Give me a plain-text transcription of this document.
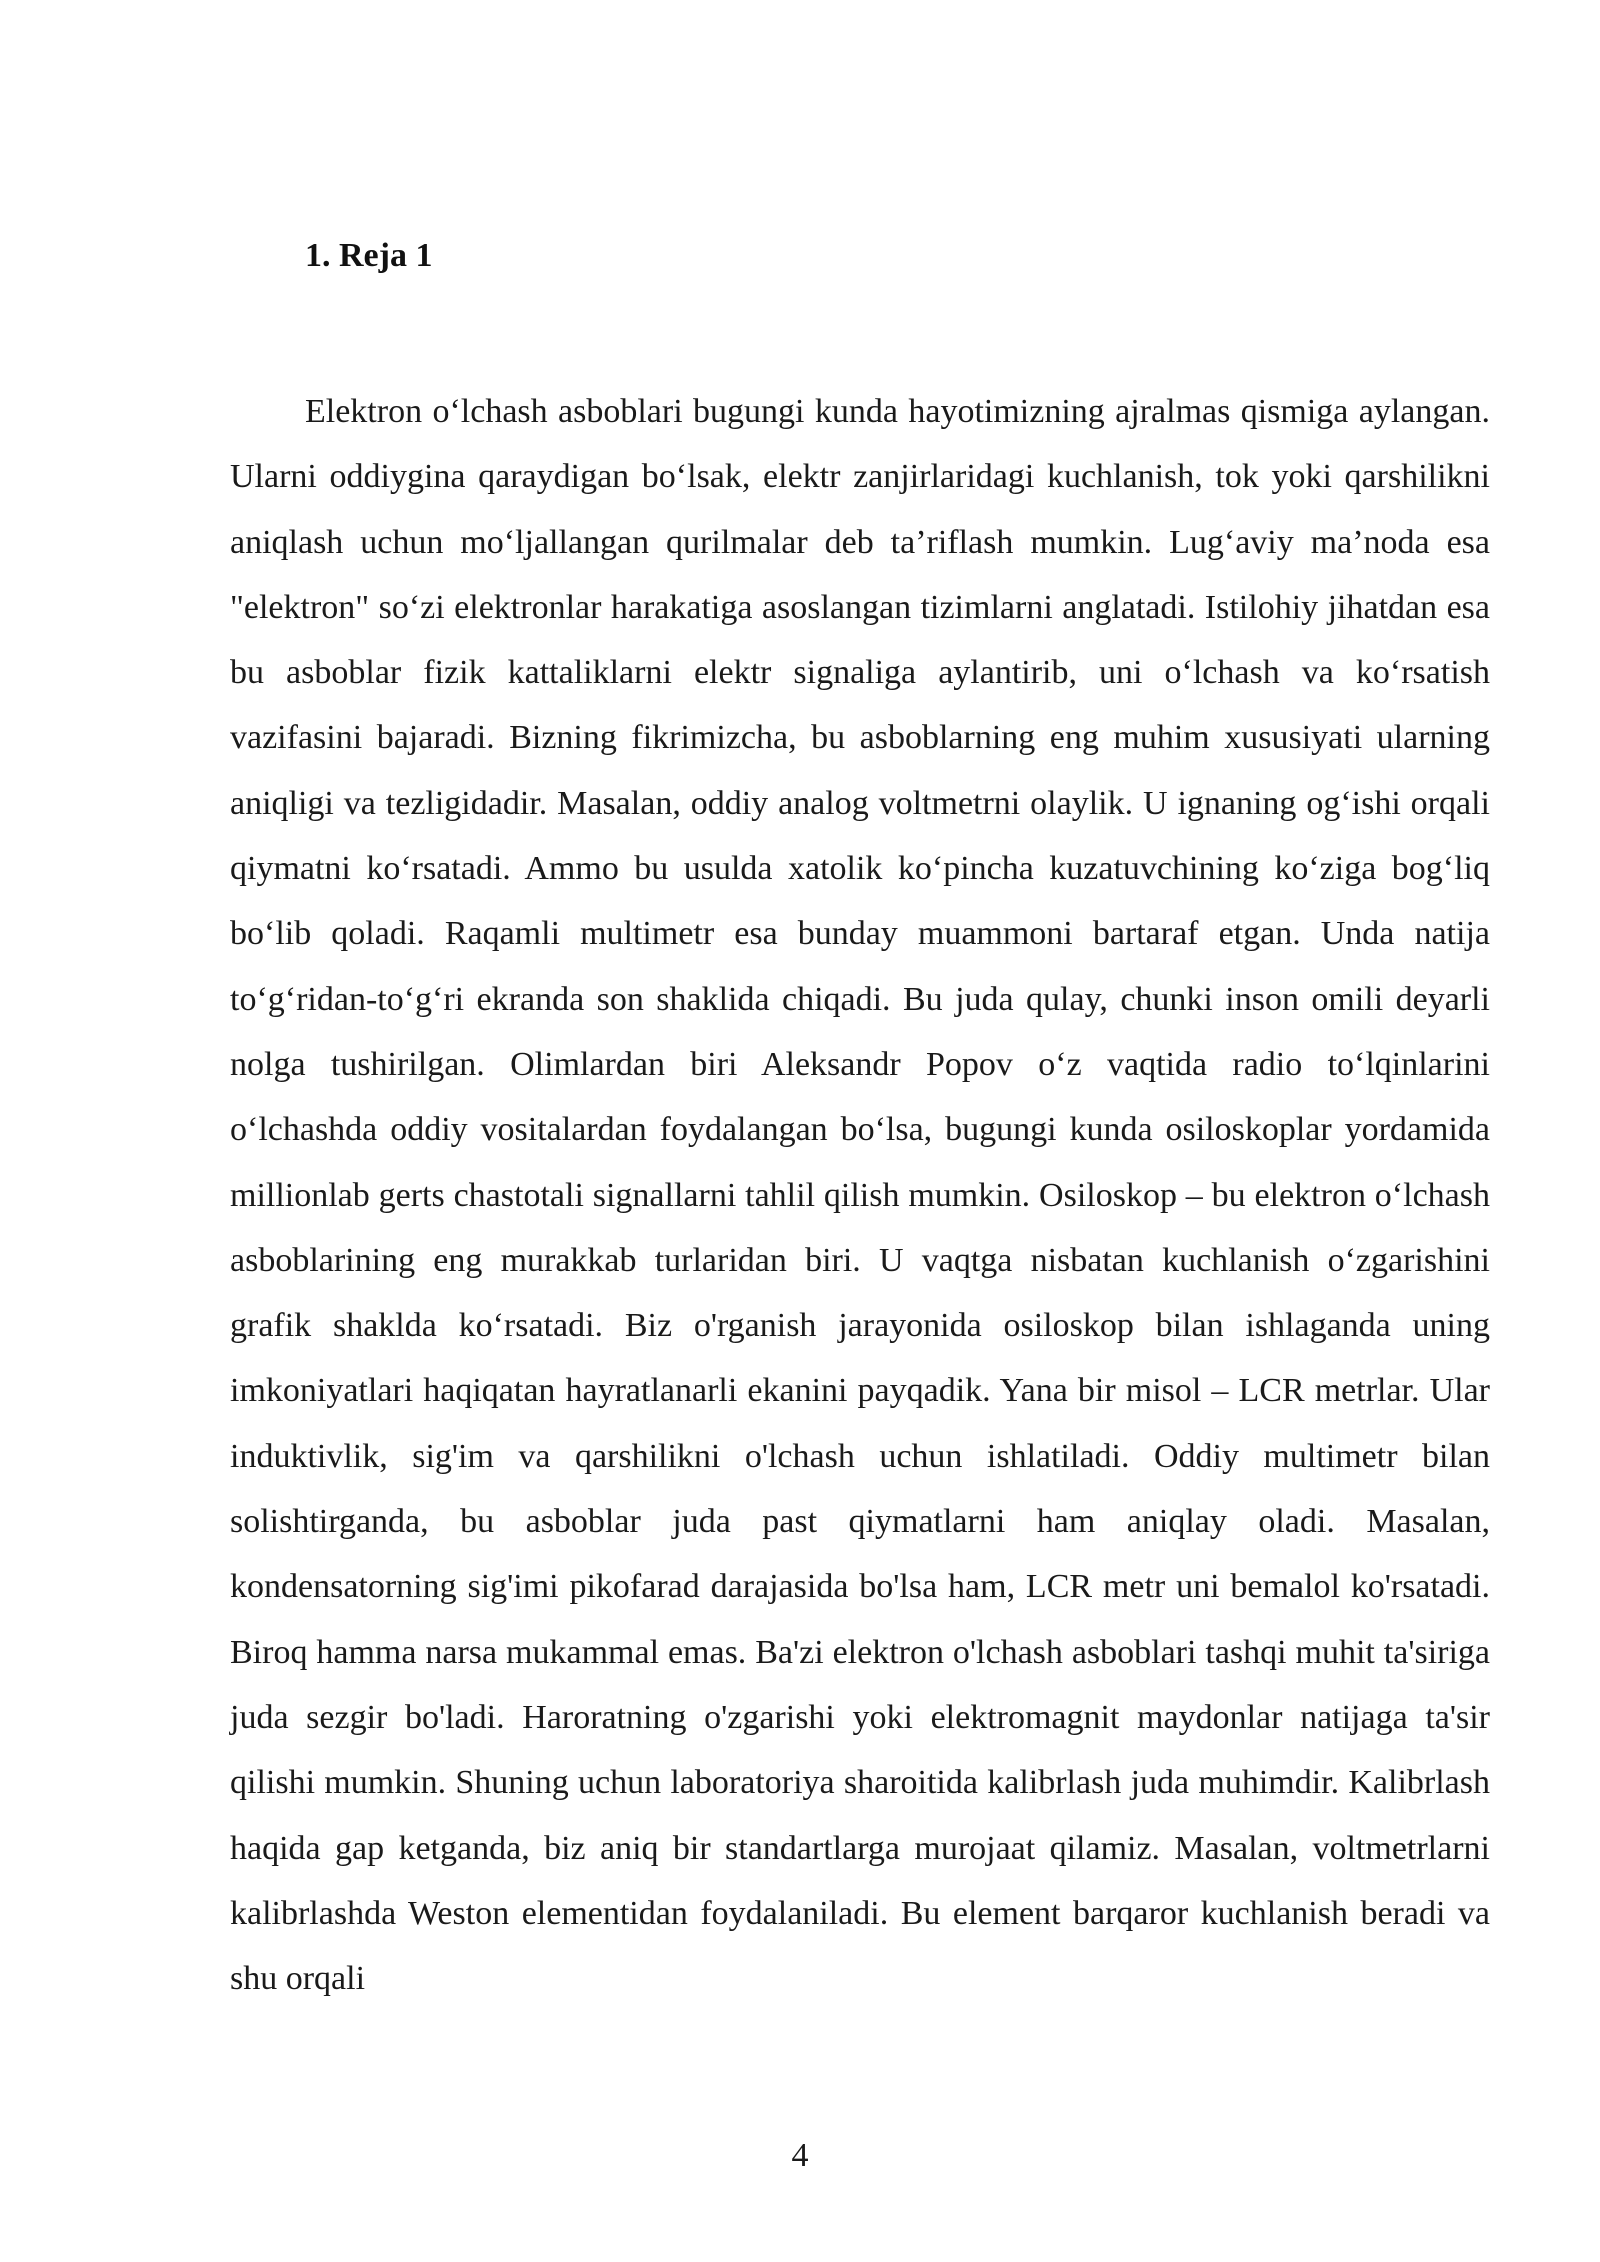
1. Reja 1

Elektron o‘lchash asboblari bugungi kunda hayotimizning ajralmas qismiga aylangan. Ularni oddiygina qaraydigan bo‘lsak, elektr zanjirlaridagi kuchlanish, tok yoki qarshilikni aniqlash uchun mo‘ljallangan qurilmalar deb ta’riflash mumkin. Lug‘aviy ma’noda esa "elektron" so‘zi elektronlar harakatiga asoslangan tizimlarni anglatadi. Istilohiy jihatdan esa bu asboblar fizik kattaliklarni elektr signaliga aylantirib, uni o‘lchash va ko‘rsatish vazifasini bajaradi. Bizning fikrimizcha, bu asboblarning eng muhim xususiyati ularning aniqligi va tezligidadir. Masalan, oddiy analog voltmetrni olaylik. U ignaning og‘ishi orqali qiymatni ko‘rsatadi. Ammo bu usulda xatolik ko‘pincha kuzatuvchining ko‘ziga bog‘liq bo‘lib qoladi. Raqamli multimetr esa bunday muammoni bartaraf etgan. Unda natija to‘g‘ridan-to‘g‘ri ekranda son shaklida chiqadi. Bu juda qulay, chunki inson omili deyarli nolga tushirilgan. Olimlardan biri Aleksandr Popov o‘z vaqtida radio to‘lqinlarini o‘lchashda oddiy vositalardan foydalangan bo‘lsa, bugungi kunda osiloskoplar yordamida millionlab gerts chastotali signallarni tahlil qilish mumkin. Osiloskop – bu elektron o‘lchash asboblarining eng murakkab turlaridan biri. U vaqtga nisbatan kuchlanish o‘zgarishini grafik shaklda ko‘rsatadi. Biz o'rganish jarayonida osiloskop bilan ishlaganda uning imkoniyatlari haqiqatan hayratlanarli ekanini payqadik. Yana bir misol – LCR metrlar. Ular induktivlik, sig'im va qarshilikni o'lchash uchun ishlatiladi. Oddiy multimetr bilan solishtirganda, bu asboblar juda past qiymatlarni ham aniqlay oladi. Masalan, kondensatorning sig'imi pikofarad darajasida bo'lsa ham, LCR metr uni bemalol ko'rsatadi. Biroq hamma narsa mukammal emas. Ba'zi elektron o'lchash asboblari tashqi muhit ta'siriga juda sezgir bo'ladi. Haroratning o'zgarishi yoki elektromagnit maydonlar natijaga ta'sir qilishi mumkin. Shuning uchun laboratoriya sharoitida kalibrlash juda muhimdir. Kalibrlash haqida gap ketganda, biz aniq bir standartlarga murojaat qilamiz. Masalan, voltmetrlarni kalibrlashda Weston elementidan foydalaniladi. Bu element barqaror kuchlanish beradi va shu orqali

4
